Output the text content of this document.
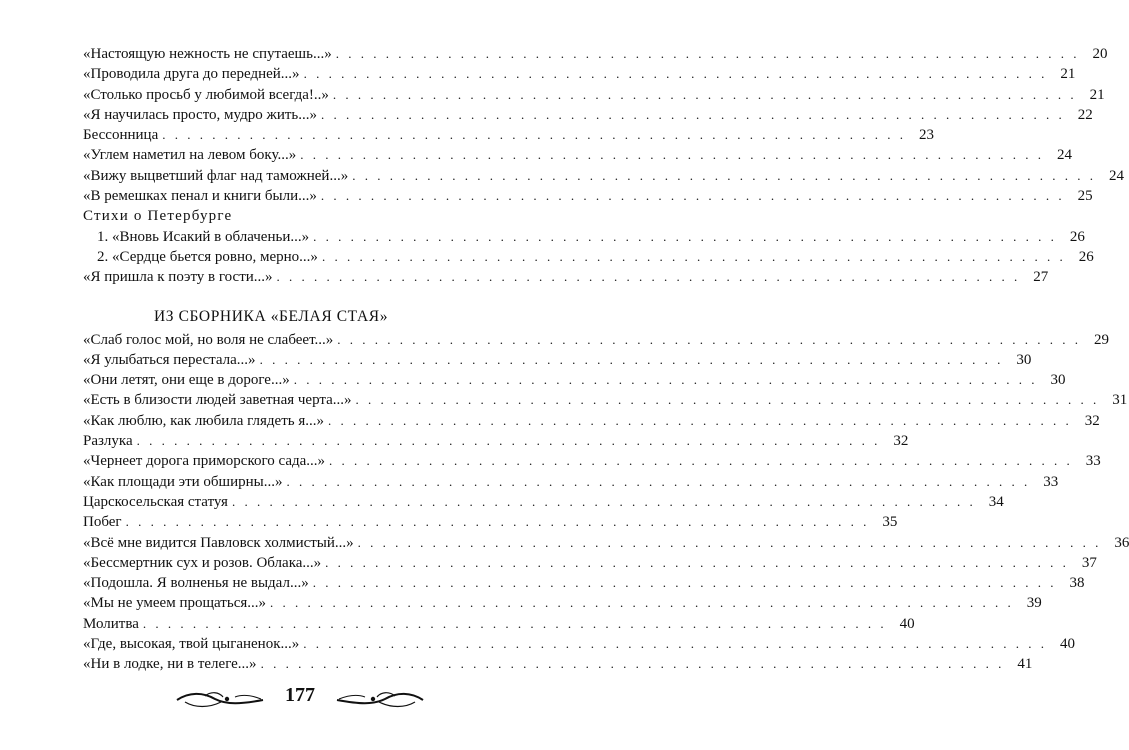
«Настоящую нежность не спутаешь...» . . . . . . . . . . . . . . . . . . . . . . . . . . . . . . . . . . . . . . . . . . . . . . . . . . . . . . . . . . . . 20
«Проводила друга до передней...» . . . . . . . . . . . . . . . . . . . . . . . . . . . . . . . . . . . . . . . . . . . . . . . . . . . . . . . . . . . . 21
«Столько просьб у любимой всегда!..» . . . . . . . . . . . . . . . . . . . . . . . . . . . . . . . . . . . . . . . . . . . . . . . . . . . . . . . . . . . . 21
«Я научилась просто, мудро жить...» . . . . . . . . . . . . . . . . . . . . . . . . . . . . . . . . . . . . . . . . . . . . . . . . . . . . . . . . . . . . 22
Бессонница . . . . . . . . . . . . . . . . . . . . . . . . . . . . . . . . . . . . . . . . . . . . . . . . . . . . . . . . . . . . 23
«Углем наметил на левом боку...» . . . . . . . . . . . . . . . . . . . . . . . . . . . . . . . . . . . . . . . . . . . . . . . . . . . . . . . . . . . . 24
«Вижу выцветший флаг над таможней...» . . . . . . . . . . . . . . . . . . . . . . . . . . . . . . . . . . . . . . . . . . . . . . . . . . . . . . . . . . . . 24
«В ремешках пенал и книги были...» . . . . . . . . . . . . . . . . . . . . . . . . . . . . . . . . . . . . . . . . . . . . . . . . . . . . . . . . . . . . 25
Стихи о Петербурге
1. «Вновь Исакий в облаченьи...» . . . . . . . . . . . . . . . . . . . . . . . . . . . . . . . . . . . . . . . . . . . . . . . . . . . . . . . . . . . . 26
2. «Сердце бьется ровно, мерно...» . . . . . . . . . . . . . . . . . . . . . . . . . . . . . . . . . . . . . . . . . . . . . . . . . . . . . . . . . . . . 26
«Я пришла к поэту в гости...» . . . . . . . . . . . . . . . . . . . . . . . . . . . . . . . . . . . . . . . . . . . . . . . . . . . . . . . . . . . . 27
ИЗ СБОРНИКА «БЕЛАЯ СТАЯ»
«Слаб голос мой, но воля не слабеет...» . . . . . . . . . . . . . . . . . . . . . . . . . . . . . . . . . . . . . . . . . . . . . . . . . . . . . . . . . . . . 29
«Я улыбаться перестала...» . . . . . . . . . . . . . . . . . . . . . . . . . . . . . . . . . . . . . . . . . . . . . . . . . . . . . . . . . . . . 30
«Они летят, они еще в дороге...» . . . . . . . . . . . . . . . . . . . . . . . . . . . . . . . . . . . . . . . . . . . . . . . . . . . . . . . . . . . . 30
«Есть в близости людей заветная черта...» . . . . . . . . . . . . . . . . . . . . . . . . . . . . . . . . . . . . . . . . . . . . . . . . . . . . . . . . . . . . 31
«Как люблю, как любила глядеть я...» . . . . . . . . . . . . . . . . . . . . . . . . . . . . . . . . . . . . . . . . . . . . . . . . . . . . . . . . . . . . 32
Разлука . . . . . . . . . . . . . . . . . . . . . . . . . . . . . . . . . . . . . . . . . . . . . . . . . . . . . . . . . . . . 32
«Чернеет дорога приморского сада...» . . . . . . . . . . . . . . . . . . . . . . . . . . . . . . . . . . . . . . . . . . . . . . . . . . . . . . . . . . . . 33
«Как площади эти обширны...» . . . . . . . . . . . . . . . . . . . . . . . . . . . . . . . . . . . . . . . . . . . . . . . . . . . . . . . . . . . . 33
Царскосельская статуя . . . . . . . . . . . . . . . . . . . . . . . . . . . . . . . . . . . . . . . . . . . . . . . . . . . . . . . . . . . . 34
Побег . . . . . . . . . . . . . . . . . . . . . . . . . . . . . . . . . . . . . . . . . . . . . . . . . . . . . . . . . . . . 35
«Всё мне видится Павловск холмистый...» . . . . . . . . . . . . . . . . . . . . . . . . . . . . . . . . . . . . . . . . . . . . . . . . . . . . . . . . . . . . 36
«Бессмертник сух и розов. Облака...» . . . . . . . . . . . . . . . . . . . . . . . . . . . . . . . . . . . . . . . . . . . . . . . . . . . . . . . . . . . . 37
«Подошла. Я волненья не выдал...» . . . . . . . . . . . . . . . . . . . . . . . . . . . . . . . . . . . . . . . . . . . . . . . . . . . . . . . . . . . . 38
«Мы не умеем прощаться...» . . . . . . . . . . . . . . . . . . . . . . . . . . . . . . . . . . . . . . . . . . . . . . . . . . . . . . . . . . . . 39
Молитва . . . . . . . . . . . . . . . . . . . . . . . . . . . . . . . . . . . . . . . . . . . . . . . . . . . . . . . . . . . . 40
«Где, высокая, твой цыганенок...» . . . . . . . . . . . . . . . . . . . . . . . . . . . . . . . . . . . . . . . . . . . . . . . . . . . . . . . . . . . . 40
«Ни в лодке, ни в телеге...» . . . . . . . . . . . . . . . . . . . . . . . . . . . . . . . . . . . . . . . . . . . . . . . . . . . . . . . . . . . . 41
177
